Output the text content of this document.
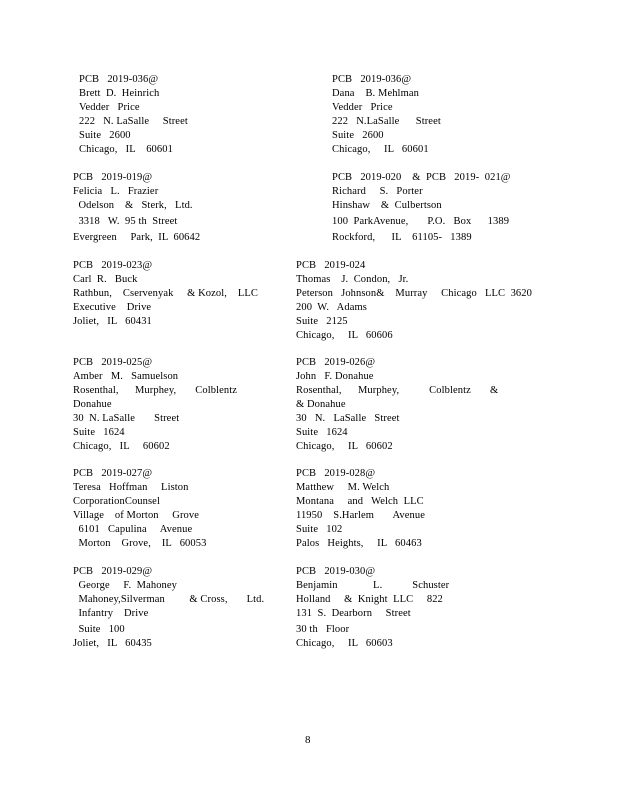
PCB   2019-036@
Brett  D.  Heinrich
Vedder   Price
222   N. LaSalle     Street
Suite   2600
Chicago,   IL    60601
PCB   2019-036@
Dana    B. Mehlman
Vedder   Price
222   N.LaSalle      Street
Suite   2600
Chicago,     IL   60601
PCB   2019-019@
Felicia   L.   Frazier
Odelson    &   Sterk,   Ltd.
3318   W.  95 th  Street
Evergreen     Park,  IL  60642
PCB   2019-020    &  PCB   2019-  021@
Richard     S.   Porter
Hinshaw    &  Culbertson
100  ParkAvenue,       P.O.   Box      1389
Rockford,      IL    61105-   1389
PCB   2019-023@
Carl  R.   Buck
Rathbun,    Cservenyak     & Kozol,    LLC
Executive    Drive
Joliet,   IL   60431
PCB   2019-024
Thomas    J.  Condon,   Jr.
Peterson   Johnson&    Murray     Chicago   LLC  3620
200  W.   Adams
Suite   2125
Chicago,     IL   60606
PCB   2019-025@
Amber   M.   Samuelson
Rosenthal,      Murphey,       Colblentz
Donahue
30  N. LaSalle       Street
Suite   1624
Chicago,   IL     60602
PCB   2019-026@
John   F. Donahue
Rosenthal,      Murphey,           Colblentz       &
& Donahue
30   N.   LaSalle   Street
Suite   1624
Chicago,     IL   60602
PCB   2019-027@
Teresa   Hoffman     Liston
CorporationCounsel
Village    of Morton     Grove
6101   Capulina     Avenue
Morton    Grove,    IL   60053
PCB   2019-028@
Matthew     M. Welch
Montana     and   Welch  LLC
11950    S.Harlem       Avenue
Suite   102
Palos   Heights,     IL   60463
PCB   2019-029@
George     F.  Mahoney
Mahoney,Silverman         & Cross,       Ltd.
Infantry    Drive
Suite   100
Joliet,   IL   60435
PCB   2019-030@
Benjamin             L.           Schuster
Holland     &  Knight  LLC     822
131  S.  Dearborn     Street
30 th   Floor
Chicago,     IL   60603
8
